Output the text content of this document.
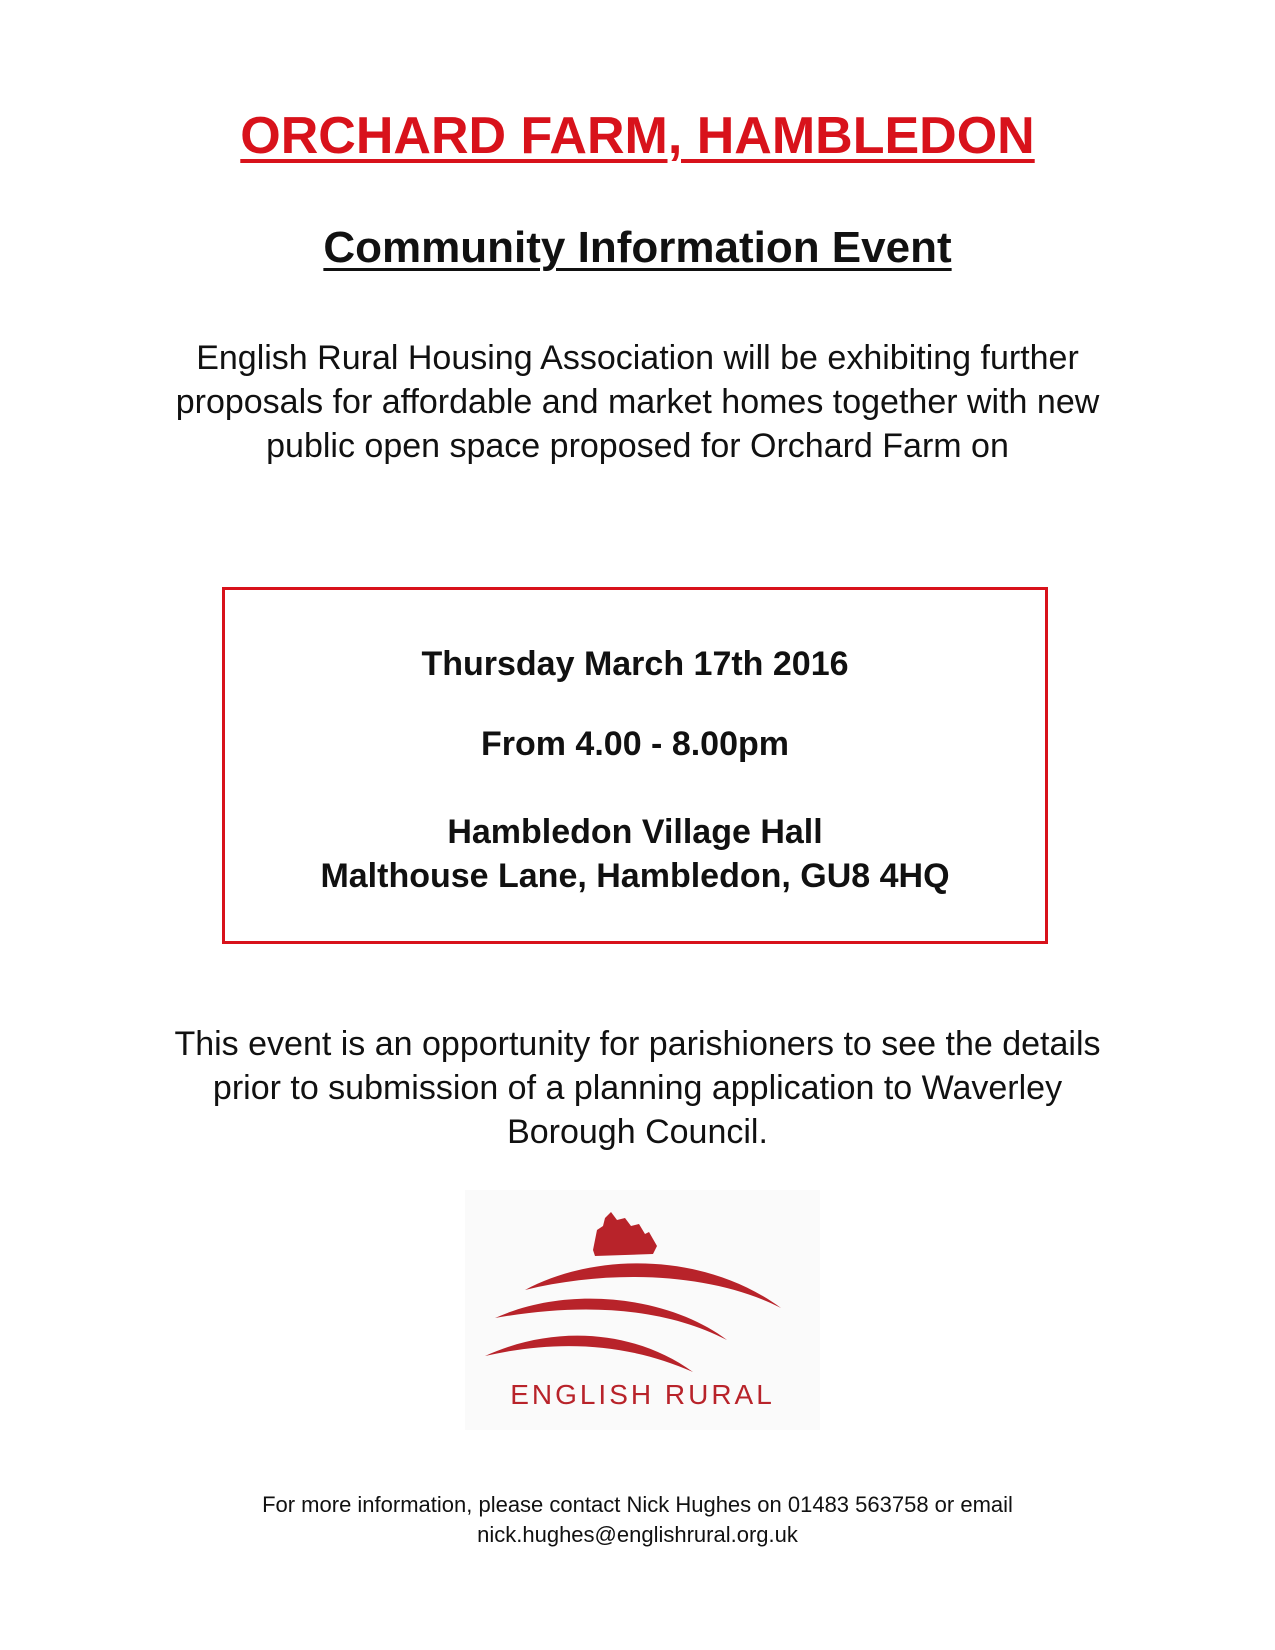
ORCHARD FARM, HAMBLEDON
Community Information Event

English Rural Housing Association will be exhibiting further proposals for affordable and market homes together with new public open space proposed for Orchard Farm on

Thursday March 17th 2016

From 4.00 - 8.00pm

Hambledon Village Hall

Malthouse Lane, Hambledon, GU8 4HQ

This event is an opportunity for parishioners to see the details prior to submission of a planning application to Waverley Borough Council.

ENGLISH RURAL

For more information, please contact Nick Hughes on 01483 563758 or email
nick.hughes@englishrural.org.uk
